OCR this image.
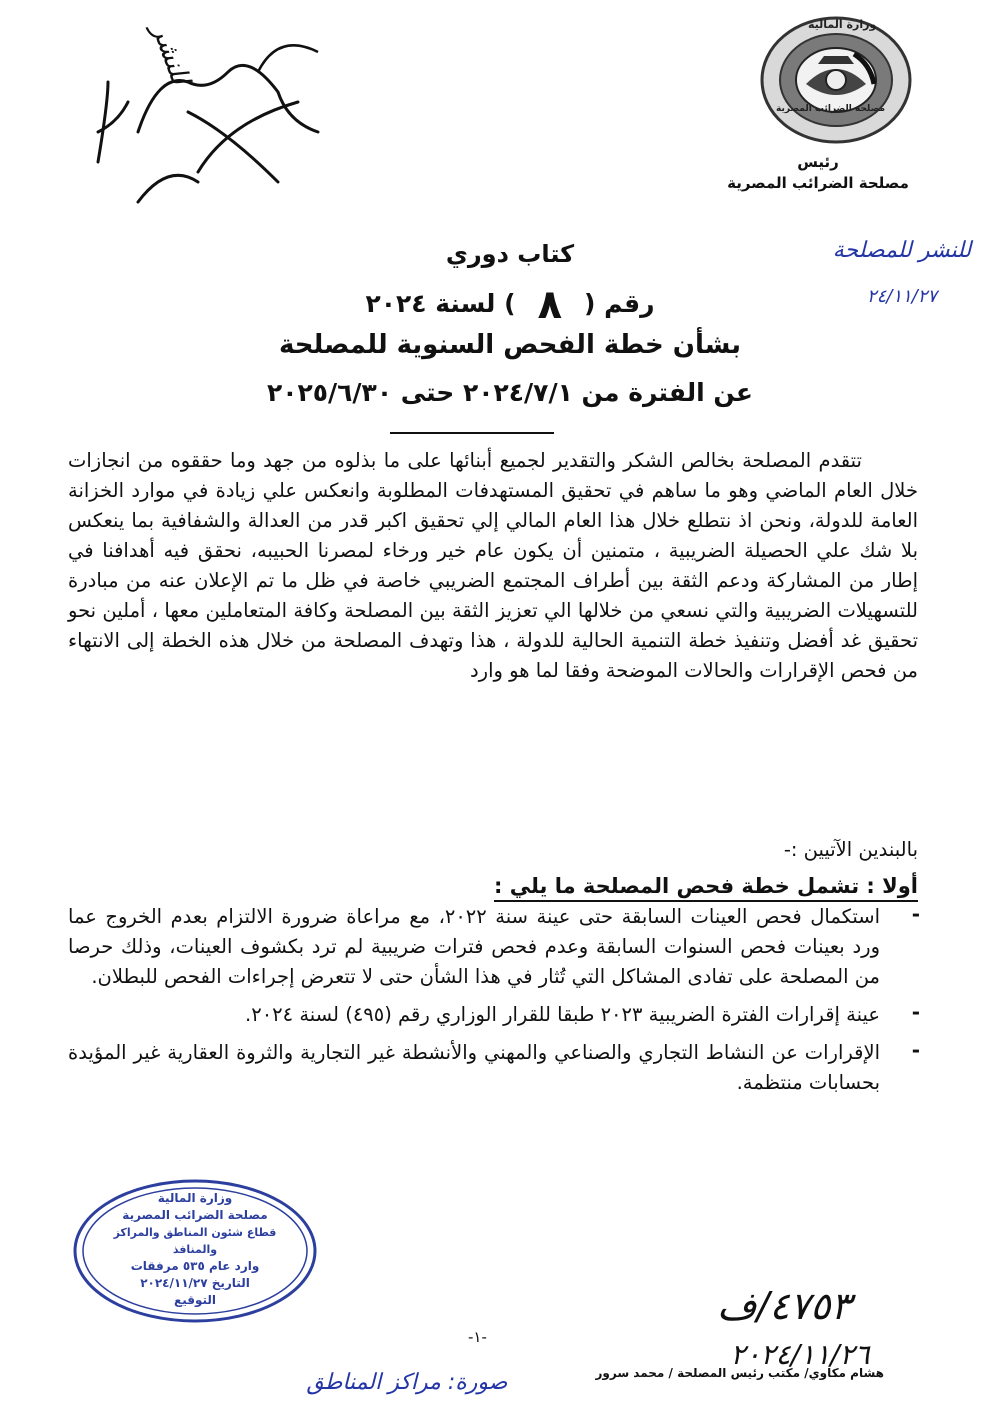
وزارة المالية
مصلحة الضرائب المصرية
رئيس
مصلحة الضرائب المصرية
للنشر
للنشر للمصلحة
٢٤/١١/٢٧
كتاب دوري
رقم (٨) لسنة ٢٠٢٤
بشأن خطة الفحص السنوية للمصلحة
عن الفترة من ٢٠٢٤/٧/١ حتى ٢٠٢٥/٦/٣٠

تتقدم المصلحة بخالص الشكر والتقدير لجميع أبنائها على ما بذلوه من جهد وما حققوه من انجازات خلال العام الماضي وهو ما ساهم في تحقيق المستهدفات المطلوبة وانعكس علي زيادة في موارد الخزانة العامة للدولة، ونحن اذ نتطلع خلال هذا العام المالي إلي تحقيق اكبر قدر من العدالة والشفافية بما ينعكس بلا شك علي الحصيلة الضريبية ، متمنين أن يكون عام خير ورخاء لمصرنا الحبيبه، نحقق فيه أهدافنا في إطار من المشاركة ودعم الثقة بين أطراف المجتمع الضريبي خاصة في ظل ما تم الإعلان عنه من مبادرة للتسهيلات الضريبية والتي نسعي من خلالها الي تعزيز الثقة بين المصلحة وكافة المتعاملين معها ، أملين نحو تحقيق غد أفضل وتنفيذ خطة التنمية الحالية للدولة ، هذا وتهدف المصلحة من خلال هذه الخطة إلى الانتهاء من فحص الإقرارات والحالات الموضحة وفقا لما هو وارد

بالبندين الآتيين :-
أولا : تشمل خطة فحص المصلحة ما يلي :
-
استكمال فحص العينات السابقة حتى عينة سنة ٢٠٢٢، مع مراعاة ضرورة الالتزام بعدم الخروج عما ورد بعينات فحص السنوات السابقة وعدم فحص فترات ضريبية لم ترد بكشوف العينات، وذلك حرصا من المصلحة على تفادى المشاكل التي تُثار في هذا الشأن حتى لا تتعرض إجراءات الفحص للبطلان.
-
عينة إقرارات الفترة الضريبية ٢٠٢٣ طبقا للقرار الوزاري رقم (٤٩٥) لسنة ٢٠٢٤.
-
الإقرارات عن النشاط التجاري والصناعي والمهني والأنشطة غير التجارية والثروة العقارية غير المؤيدة بحسابات منتظمة.
وزارة المالية
مصلحة الضرائب المصرية
قطاع شئون المناطق والمراكز والمنافذ
وارد عام ٥٣٥ مرفقات
التاريخ ٢٠٢٤/١١/٢٧
التوقيع	٤٧٥٣/ف
٢٠٢٤/١١/٢٦
-١-
هشام مكاوي/ مكتب رئيس المصلحة / محمد سرور
صورة: مراكز المناطق
